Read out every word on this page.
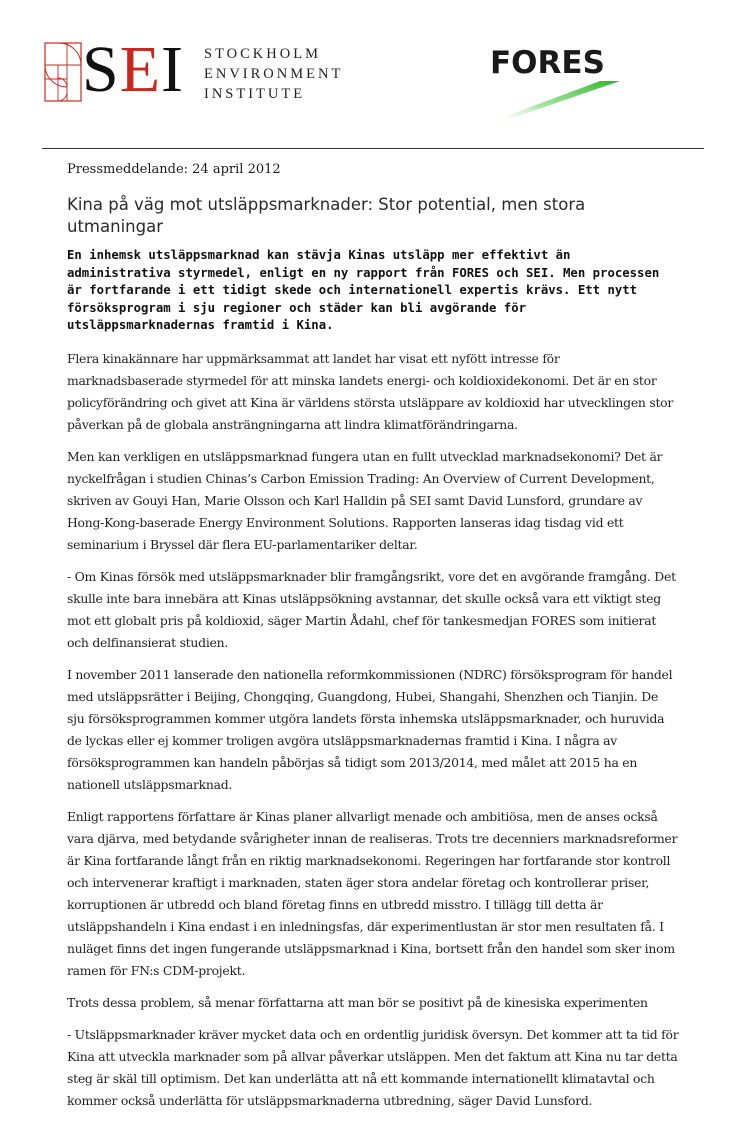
SEI STOCKHOLM
ENVIRONMENT
INSTITUTE
FORES

Pressmeddelande: 24 april 2012

Kina på väg mot utsläppsmarknader: Stor potential, men stora utmaningar

En inhemsk utsläppsmarknad kan stävja Kinas utsläpp mer effektivt än administrativa styrmedel, enligt en ny rapport från FORES och SEI. Men processen är fortfarande i ett tidigt skede och internationell expertis krävs. Ett nytt försöksprogram i sju regioner och städer kan bli avgörande för utsläppsmarknadernas framtid i Kina.

Flera kinakännare har uppmärksammat att landet har visat ett nyfött intresse för marknadsbaserade styrmedel för att minska landets energi- och koldioxidekonomi. Det är en stor policyförändring och givet att Kina är världens största utsläppare av koldioxid har utvecklingen stor påverkan på de globala ansträngningarna att lindra klimatförändringarna.

Men kan verkligen en utsläppsmarknad fungera utan en fullt utvecklad marknadsekonomi? Det är nyckelfrågan i studien Chinas’s Carbon Emission Trading: An Overview of Current Development, skriven av Gouyi Han, Marie Olsson och Karl Halldin på SEI samt David Lunsford, grundare av Hong-Kong-baserade Energy Environment Solutions. Rapporten lanseras idag tisdag vid ett seminarium i Bryssel där flera EU-parlamentariker deltar.

- Om Kinas försök med utsläppsmarknader blir framgångsrikt, vore det en avgörande framgång. Det skulle inte bara innebära att Kinas utsläppsökning avstannar, det skulle också vara ett viktigt steg mot ett globalt pris på koldioxid, säger Martin Ådahl, chef för tankesmedjan FORES som initierat och delfinansierat studien.

I november 2011 lanserade den nationella reformkommissionen (NDRC) försöksprogram för handel med utsläppsrätter i Beijing, Chongqing, Guangdong, Hubei, Shangahi, Shenzhen och Tianjin. De sju försöksprogrammen kommer utgöra landets första inhemska utsläppsmarknader, och huruvida de lyckas eller ej kommer troligen avgöra utsläppsmarknadernas framtid i Kina. I några av försöksprogrammen kan handeln påbörjas så tidigt som 2013/2014, med målet att 2015 ha en nationell utsläppsmarknad.

Enligt rapportens författare är Kinas planer allvarligt menade och ambitiösa, men de anses också vara djärva, med betydande svårigheter innan de realiseras. Trots tre decenniers marknadsreformer är Kina fortfarande långt från en riktig marknadsekonomi. Regeringen har fortfarande stor kontroll och intervenerar kraftigt i marknaden, staten äger stora andelar företag och kontrollerar priser, korruptionen är utbredd och bland företag finns en utbredd misstro. I tillägg till detta är utsläppshandeln i Kina endast i en inledningsfas, där experimentlustan är stor men resultaten få. I nuläget finns det ingen fungerande utsläppsmarknad i Kina, bortsett från den handel som sker inom ramen för FN:s CDM-projekt.

Trots dessa problem, så menar författarna att man bör se positivt på de kinesiska experimenten

- Utsläppsmarknader kräver mycket data och en ordentlig juridisk översyn. Det kommer att ta tid för Kina att utveckla marknader som på allvar påverkar utsläppen. Men det faktum att Kina nu tar detta steg är skäl till optimism. Det kan underlätta att nå ett kommande internationellt klimatavtal och kommer också underlätta för utsläppsmarknaderna utbredning, säger David Lunsford.
